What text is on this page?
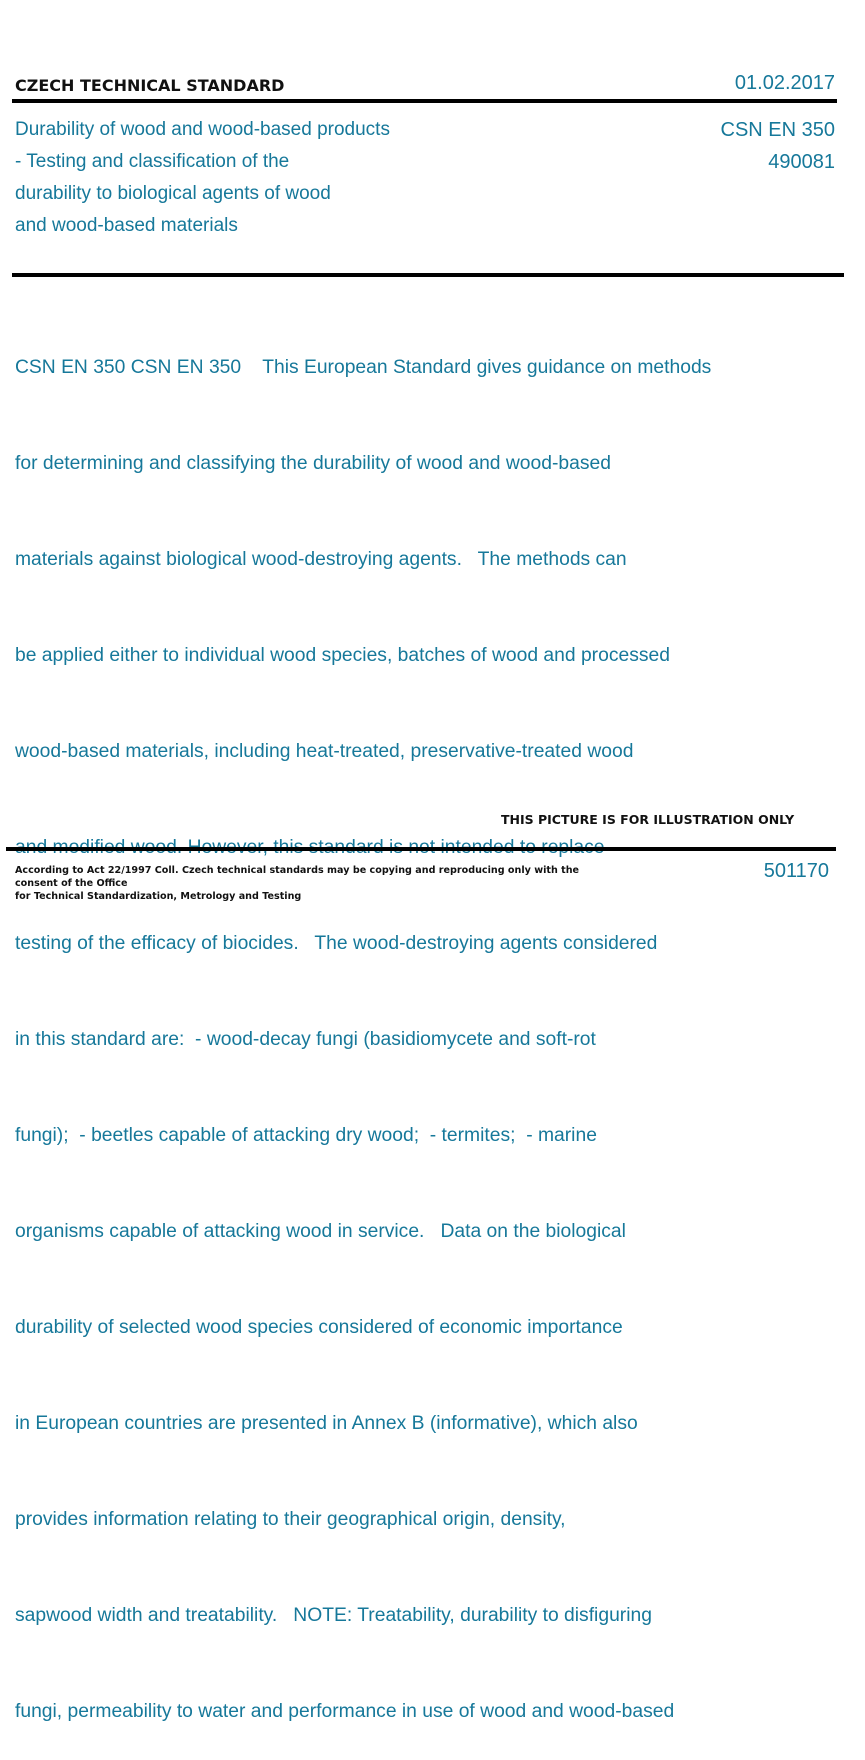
CZECH TECHNICAL STANDARD	01.02.2017
Durability of wood and wood-based products
- Testing and classification of the
durability to biological agents of wood
and wood-based materials
CSN EN 350
490081

CSN EN 350 CSN EN 350    This European Standard gives guidance on methods

for determining and classifying the durability of wood and wood-based

materials against biological wood-destroying agents.   The methods can

be applied either to individual wood species, batches of wood and processed

wood-based materials, including heat-treated, preservative-treated wood

testing of the efficacy of biocides.   The wood-destroying agents considered

in this standard are:  - wood-decay fungi (basidiomycete and soft-rot

fungi);  - beetles capable of attacking dry wood;  - termites;  - marine

organisms capable of attacking wood in service.   Data on the biological

durability of selected wood species considered of economic importance

in European countries are presented in Annex B (informative), which also

provides information relating to their geographical origin, density,

sapwood width and treatability.   NOTE: Treatability, durability to disfiguring

fungi, permeability to water and performance in use of wood and wood-based

THIS PICTURE IS FOR ILLUSTRATION ONLY
According to Act 22/1997 Coll. Czech technical standards may be copying and reproducing only with the consent of the Office
for Technical Standardization, Metrology and Testing
501170
